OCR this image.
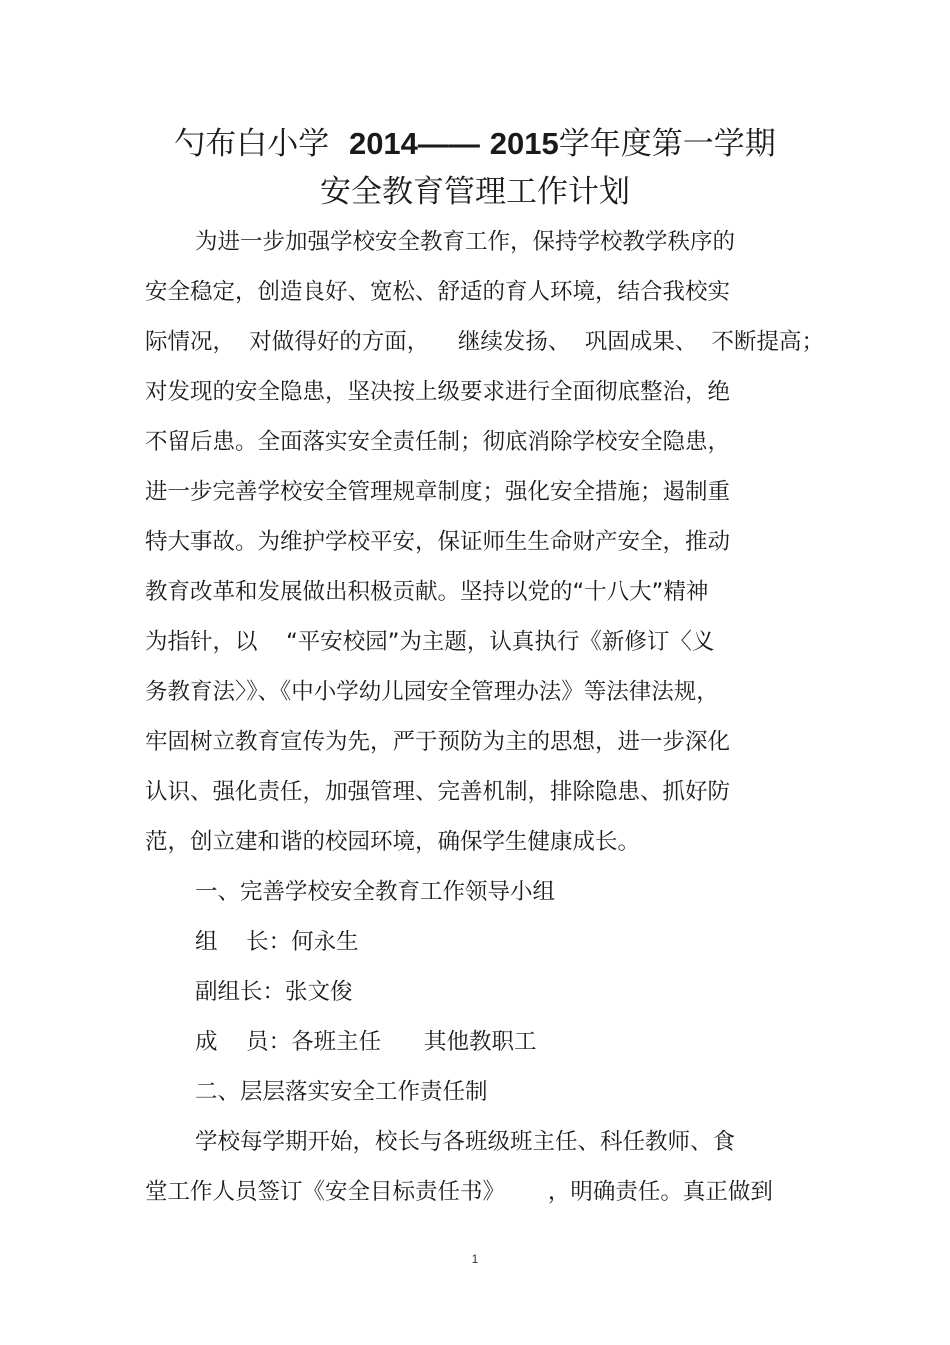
勺布白小学 2014—— 2015学年度第一学期
安全教育管理工作计划
为进一步加强学校安全教育工作，保持学校教学秩序的
安全稳定，创造良好、宽松、舒适的育人环境，结合我校实
际情况，  对做得好的方面，    继续发扬、  巩固成果、  不断提高；
对发现的安全隐患，坚决按上级要求进行全面彻底整治，绝
不留后患。全面落实安全责任制；彻底消除学校安全隐患，
进一步完善学校安全管理规章制度；强化安全措施；遏制重
特大事故。为维护学校平安，保证师生生命财产安全，推动
教育改革和发展做出积极贡献。坚持以党的“十八大”精神
为指针，以    “平安校园”为主题，认真执行《新修订〈义
务教育法〉》、《中小学幼儿园安全管理办法》等法律法规，
牢固树立教育宣传为先，严于预防为主的思想，进一步深化
认识、强化责任，加强管理、完善机制，排除隐患、抓好防
范，创立建和谐的校园环境，确保学生健康成长。
一、完善学校安全教育工作领导小组
组    长：何永生
副组长：张文俊
成    员：各班主任      其他教职工
二、层层落实安全工作责任制
学校每学期开始，校长与各班级班主任、科任教师、食
堂工作人员签订《安全目标责任书》      ，明确责任。真正做到
1
